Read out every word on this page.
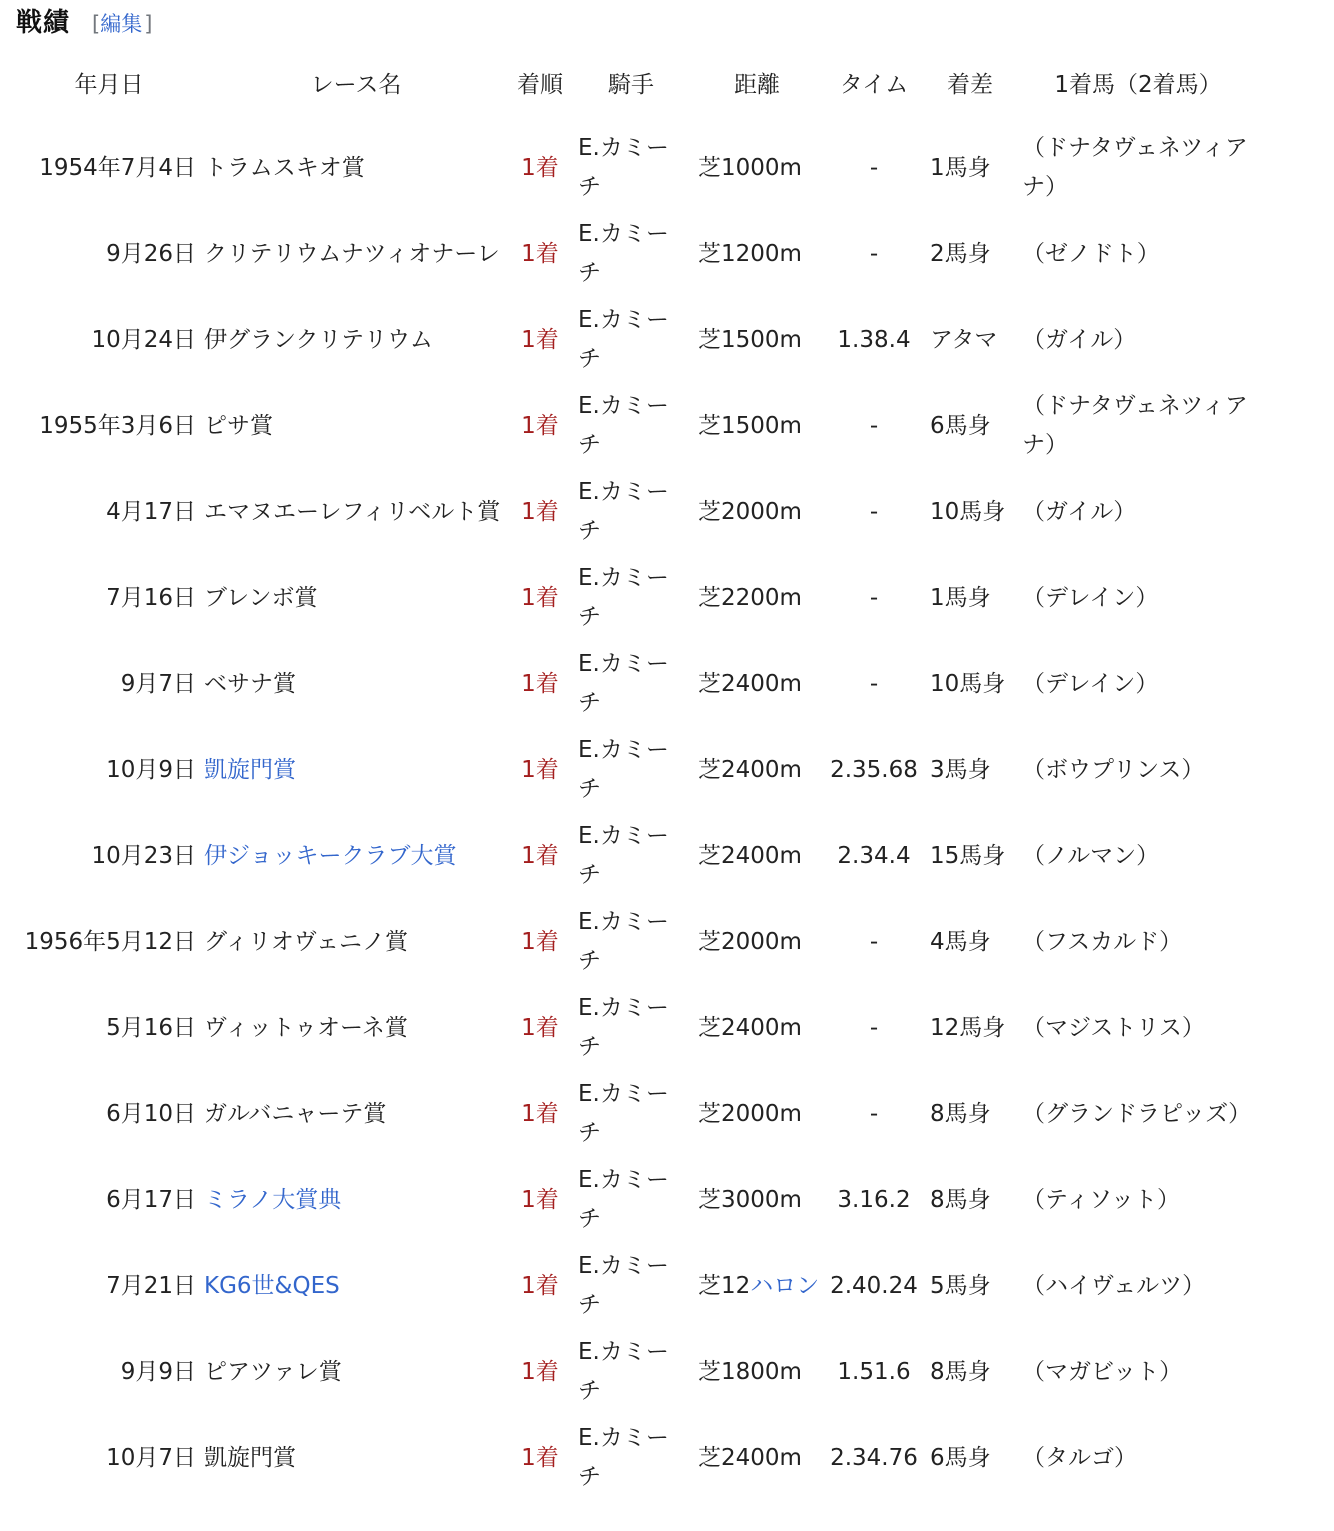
戦績 [ 編集 ]
年月日	レース名	着順	騎手	距離	タイム	着差	1着馬（2着馬）
1954年7月4日	トラムスキオ賞	1着	E.カミーチ	芝1000m	-	1馬身	（ドナタヴェネツィアナ）
9月26日	クリテリウムナツィオナーレ	1着	E.カミーチ	芝1200m	-	2馬身	（ゼノドト）
10月24日	伊グランクリテリウム	1着	E.カミーチ	芝1500m	1.38.4	アタマ	（ガイル）
1955年3月6日	ピサ賞	1着	E.カミーチ	芝1500m	-	6馬身	（ドナタヴェネツィアナ）
4月17日	エマヌエーレフィリベルト賞	1着	E.カミーチ	芝2000m	-	10馬身	（ガイル）
7月16日	ブレンボ賞	1着	E.カミーチ	芝2200m	-	1馬身	（デレイン）
9月7日	ベサナ賞	1着	E.カミーチ	芝2400m	-	10馬身	（デレイン）
10月9日	凱旋門賞	1着	E.カミーチ	芝2400m	2.35.68	3馬身	（ボウプリンス）
10月23日	伊ジョッキークラブ大賞	1着	E.カミーチ	芝2400m	2.34.4	15馬身	（ノルマン）
1956年5月12日	グィリオヴェニノ賞	1着	E.カミーチ	芝2000m	-	4馬身	（フスカルド）
5月16日	ヴィットゥオーネ賞	1着	E.カミーチ	芝2400m	-	12馬身	（マジストリス）
6月10日	ガルバニャーテ賞	1着	E.カミーチ	芝2000m	-	8馬身	（グランドラピッズ）
6月17日	ミラノ大賞典	1着	E.カミーチ	芝3000m	3.16.2	8馬身	（ティソット）
7月21日	KG6世&QES	1着	E.カミーチ	芝12ハロン	2.40.24	5馬身	（ハイヴェルツ）
9月9日	ピアツァレ賞	1着	E.カミーチ	芝1800m	1.51.6	8馬身	（マガビット）
10月7日	凱旋門賞	1着	E.カミーチ	芝2400m	2.34.76	6馬身	（タルゴ）
